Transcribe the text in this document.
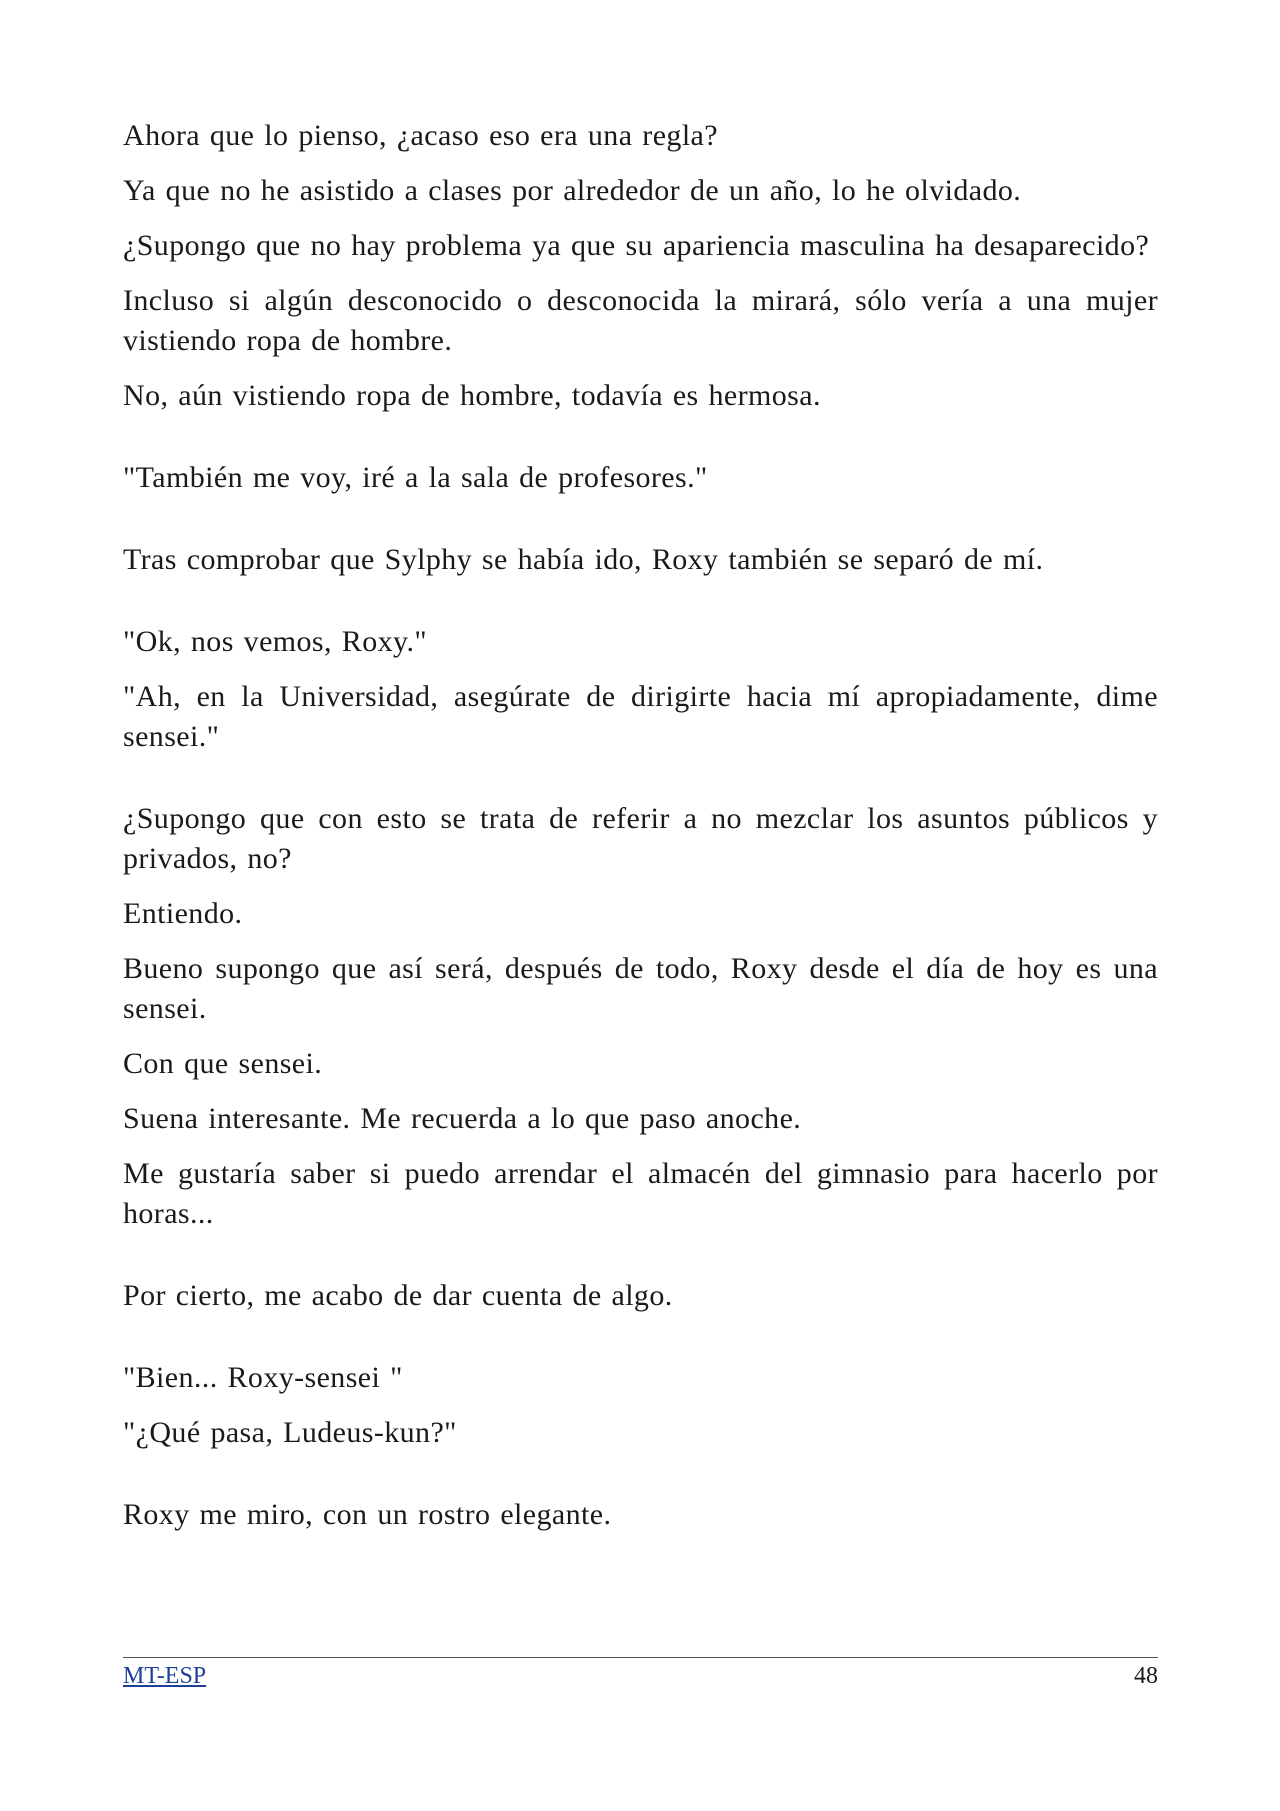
Ahora que lo pienso, ¿acaso eso era una regla?

Ya que no he asistido a clases por alrededor de un año, lo he olvidado.

¿Supongo que no hay problema ya que su apariencia masculina ha desaparecido?

Incluso si algún desconocido o desconocida la mirará, sólo vería a una mujer vistiendo ropa de hombre.

No, aún vistiendo ropa de hombre, todavía es hermosa.

"También me voy, iré a la sala de profesores."

Tras comprobar que Sylphy se había ido, Roxy también se separó de mí.

"Ok, nos vemos, Roxy."

"Ah, en la Universidad, asegúrate de dirigirte hacia mí apropiadamente, dime sensei."

¿Supongo que con esto se trata de referir a no mezclar los asuntos públicos y privados, no?

Entiendo.

Bueno supongo que así será, después de todo, Roxy desde el día de hoy es una sensei.

Con que sensei.

Suena interesante. Me recuerda a lo que paso anoche.

Me gustaría saber si puedo arrendar el almacén del gimnasio para hacerlo por horas...

Por cierto, me acabo de dar cuenta de algo.

"Bien... Roxy-sensei "

"¿Qué pasa, Ludeus-kun?"

Roxy me miro, con un rostro elegante.

MT-ESP	48
